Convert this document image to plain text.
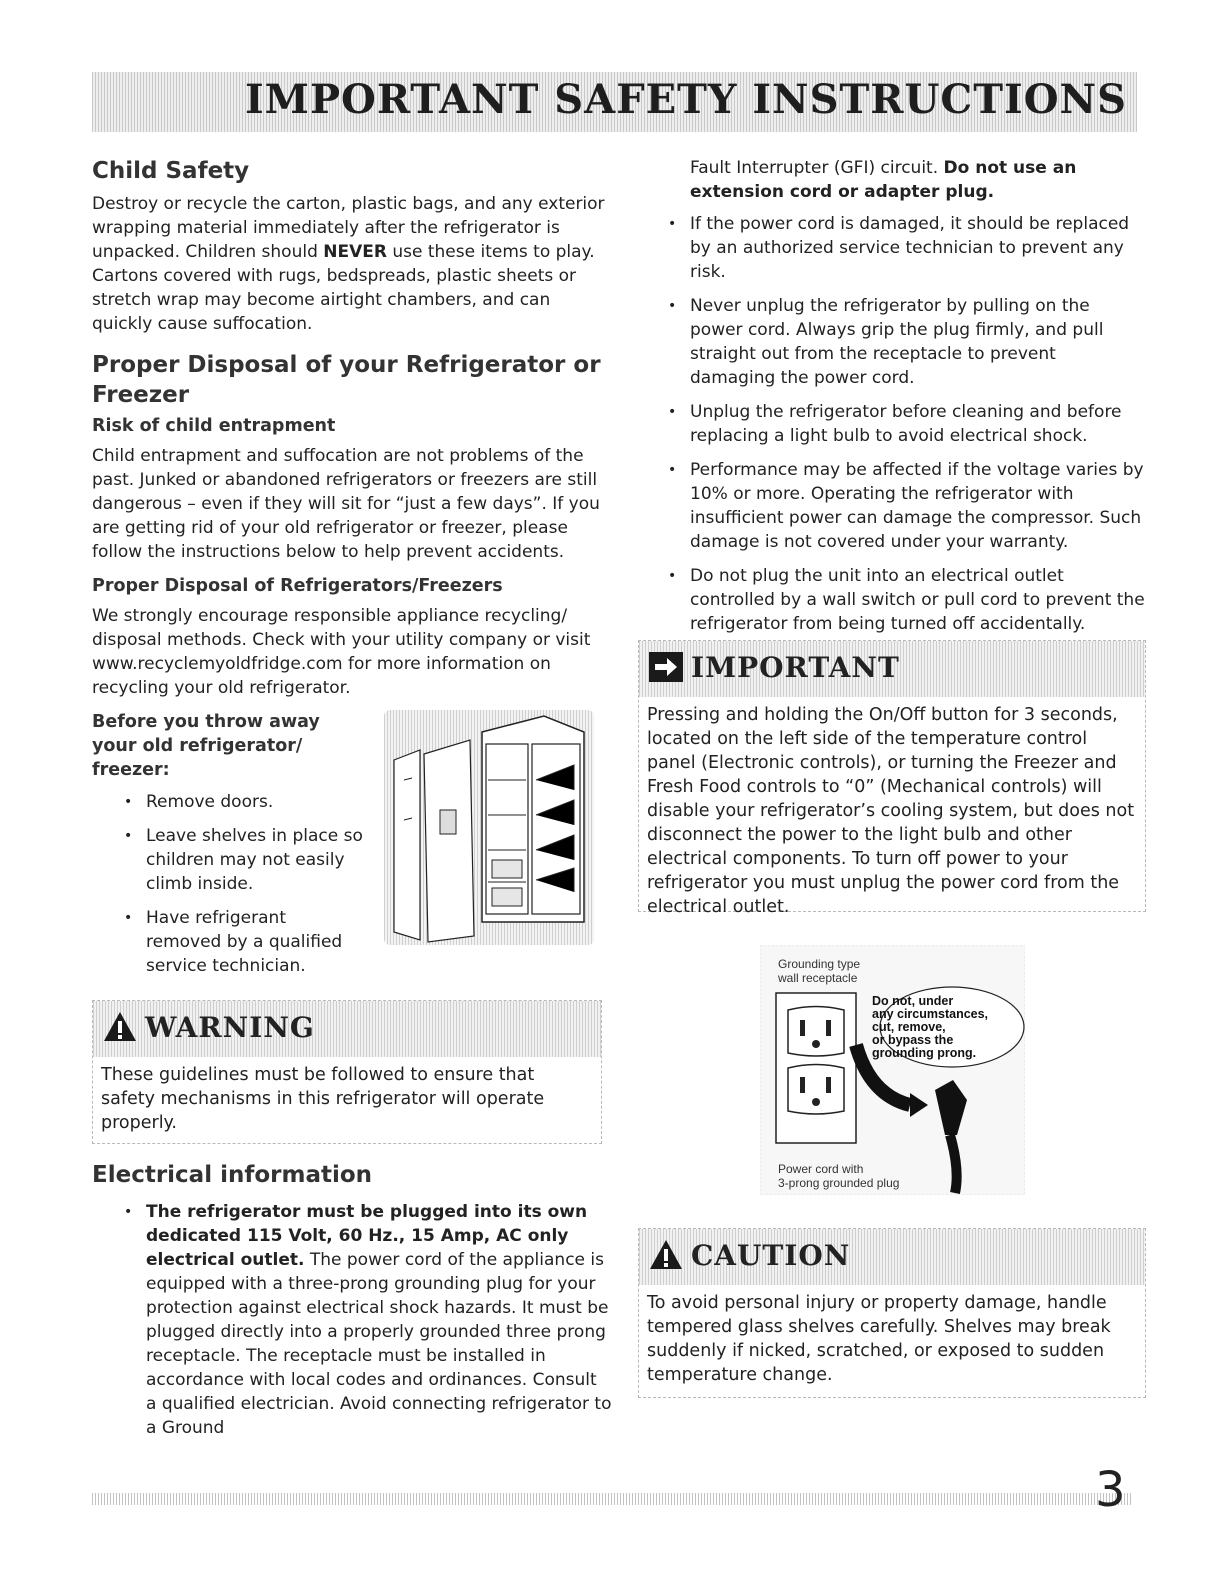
IMPORTANT SAFETY INSTRUCTIONS
Child Safety

Destroy or recycle the carton, plastic bags, and any exterior wrapping material immediately after the refrigerator is unpacked. Children should NEVER use these items to play. Cartons covered with rugs, bedspreads, plastic sheets or stretch wrap may become airtight chambers, and can quickly cause suffocation.

Proper Disposal of your Refrigerator or Freezer
Risk of child entrapment

Child entrapment and suffocation are not problems of the past. Junked or abandoned refrigerators or freezers are still dangerous – even if they will sit for “just a few days”. If you are getting rid of your old refrigerator or freezer, please follow the instructions below to help prevent accidents.

Proper Disposal of Refrigerators/Freezers

We strongly encourage responsible appliance recycling/ disposal methods. Check with your utility company or visit www.recyclemyoldfridge.com for more information on recycling your old refrigerator.

Before you throw away your old refrigerator/ freezer:
• Remove doors.
• Leave shelves in place so children may not easily climb inside.
• Have refrigerant removed by a qualified service technician.
WARNING
These guidelines must be followed to ensure that safety mechanisms in this refrigerator will operate properly.
Electrical information
• The refrigerator must be plugged into its own dedicated 115 Volt, 60 Hz., 15 Amp, AC only electrical outlet. The power cord of the appliance is equipped with a three-prong grounding plug for your protection against electrical shock hazards. It must be plugged directly into a properly grounded three prong receptacle. The receptacle must be installed in accordance with local codes and ordinances. Consult a qualified electrician. Avoid connecting refrigerator to a Ground

Fault Interrupter (GFI) circuit. Do not use an extension cord or adapter plug.

• If the power cord is damaged, it should be replaced by an authorized service technician to prevent any risk.
• Never unplug the refrigerator by pulling on the power cord. Always grip the plug firmly, and pull straight out from the receptacle to prevent damaging the power cord.
• Unplug the refrigerator before cleaning and before replacing a light bulb to avoid electrical shock.
• Performance may be affected if the voltage varies by 10% or more. Operating the refrigerator with insufficient power can damage the compressor. Such damage is not covered under your warranty.
• Do not plug the unit into an electrical outlet controlled by a wall switch or pull cord to prevent the refrigerator from being turned off accidentally.
IMPORTANT
Pressing and holding the On/Off button for 3 seconds, located on the left side of the temperature control panel (Electronic controls), or turning the Freezer and Fresh Food controls to “0” (Mechanical controls) will disable your refrigerator’s cooling system, but does not disconnect the power to the light bulb and other electrical components. To turn off power to your refrigerator you must unplug the power cord from the electrical outlet.
Grounding type
wall receptacle
Do not, under
any circumstances,
cut, remove,
or bypass the
grounding prong.
Power cord with
3-prong grounded plug
CAUTION
To avoid personal injury or property damage, handle tempered glass shelves carefully. Shelves may break suddenly if nicked, scratched, or exposed to sudden temperature change.
3
